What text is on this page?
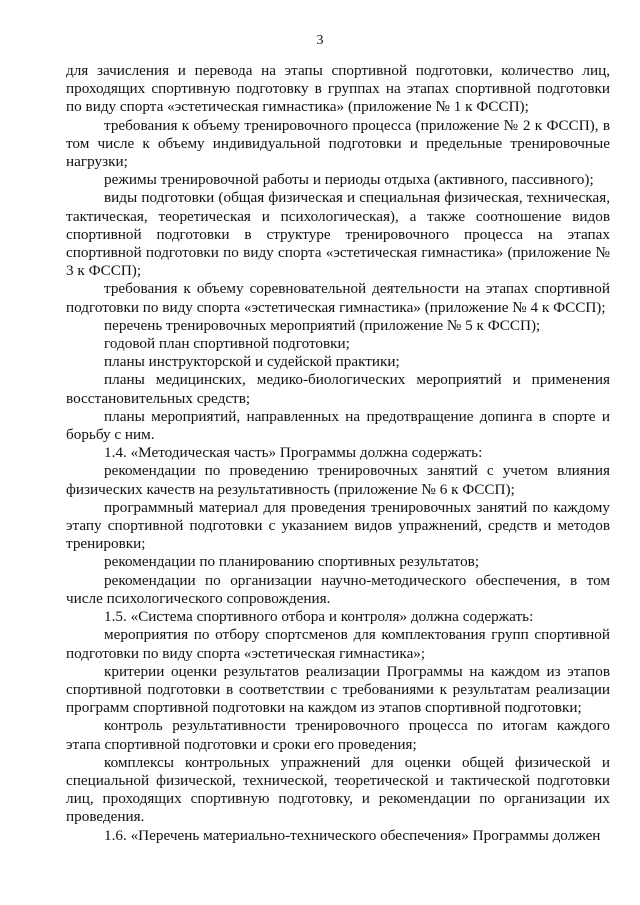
3

для зачисления и перевода на этапы спортивной подготовки, количество лиц, проходящих спортивную подготовку в группах на этапах спортивной подготовки по виду спорта «эстетическая гимнастика» (приложение № 1 к ФССП);

требования к объему тренировочного процесса (приложение № 2 к ФССП), в том числе к объему индивидуальной подготовки и предельные тренировочные нагрузки;

режимы тренировочной работы и периоды отдыха (активного, пассивного);

виды подготовки (общая физическая и специальная физическая, техническая, тактическая, теоретическая и психологическая), а также соотношение видов спортивной подготовки в структуре тренировочного процесса на этапах спортивной подготовки по виду спорта «эстетическая гимнастика» (приложение № 3 к ФССП);

требования к объему соревновательной деятельности на этапах спортивной подготовки по виду спорта «эстетическая гимнастика» (приложение № 4 к ФССП);

перечень тренировочных мероприятий (приложение № 5 к ФССП);

годовой план спортивной подготовки;

планы инструкторской и судейской практики;

планы медицинских, медико-биологических мероприятий и применения восстановительных средств;

планы мероприятий, направленных на предотвращение допинга в спорте и борьбу с ним.

1.4. «Методическая часть» Программы должна содержать:

рекомендации по проведению тренировочных занятий с учетом влияния физических качеств на результативность (приложение № 6 к ФССП);

программный материал для проведения тренировочных занятий по каждому этапу спортивной подготовки с указанием видов упражнений, средств и методов тренировки;

рекомендации по планированию спортивных результатов;

рекомендации по организации научно-методического обеспечения, в том числе психологического сопровождения.

1.5. «Система спортивного отбора и контроля» должна содержать:

мероприятия по отбору спортсменов для комплектования групп спортивной подготовки по виду спорта «эстетическая гимнастика»;

критерии оценки результатов реализации Программы на каждом из этапов спортивной подготовки в соответствии с требованиями к результатам реализации программ спортивной подготовки на каждом из этапов спортивной подготовки;

контроль результативности тренировочного процесса по итогам каждого этапа спортивной подготовки и сроки его проведения;

комплексы контрольных упражнений для оценки общей физической и специальной физической, технической, теоретической и тактической подготовки лиц, проходящих спортивную подготовку, и рекомендации по организации их проведения.

1.6. «Перечень материально-технического обеспечения» Программы должен
